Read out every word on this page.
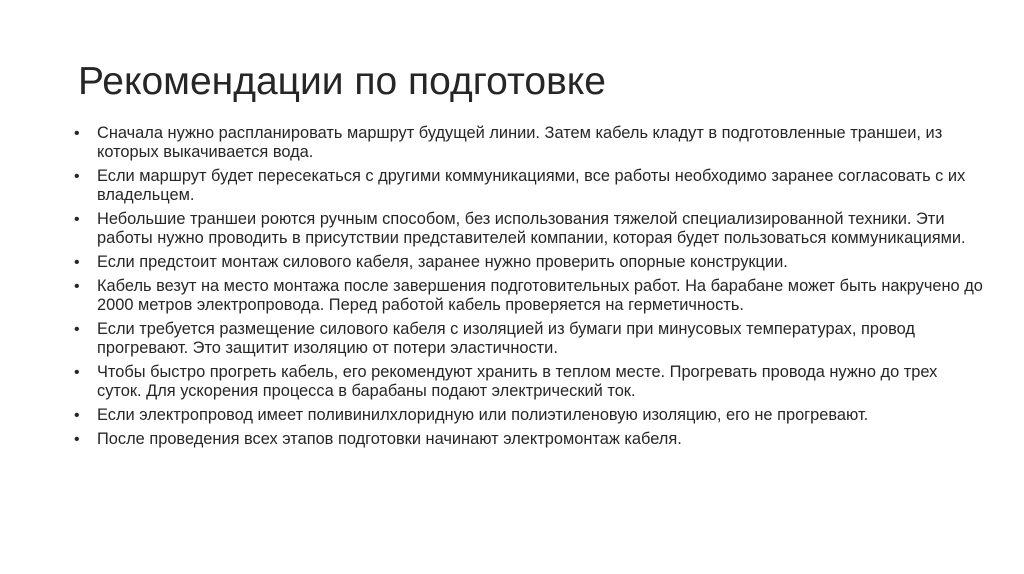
Рекомендации по подготовке
•	Сначала нужно распланировать маршрут будущей линии. Затем кабель кладут в подготовленные траншеи, из которых выкачивается вода.
•	Если маршрут будет пересекаться с другими коммуникациями, все работы необходимо заранее согласовать с их владельцем.
•	Небольшие траншеи роются ручным способом, без использования тяжелой специализированной техники. Эти работы нужно проводить в присутствии представителей компании, которая будет пользоваться коммуникациями.
•	Если предстоит монтаж силового кабеля, заранее нужно проверить опорные конструкции.
•	Кабель везут на место монтажа после завершения подготовительных работ. На барабане может быть накручено до 2000 метров электропровода. Перед работой кабель проверяется на герметичность.
•	Если требуется размещение силового кабеля с изоляцией из бумаги при минусовых температурах, провод прогревают. Это защитит изоляцию от потери эластичности.
•	Чтобы быстро прогреть кабель, его рекомендуют хранить в теплом месте. Прогревать провода нужно до трех суток. Для ускорения процесса в барабаны подают электрический ток.
•	Если электропровод имеет поливинилхлоридную или полиэтиленовую изоляцию, его не прогревают.
•	После проведения всех этапов подготовки начинают электромонтаж кабеля.
